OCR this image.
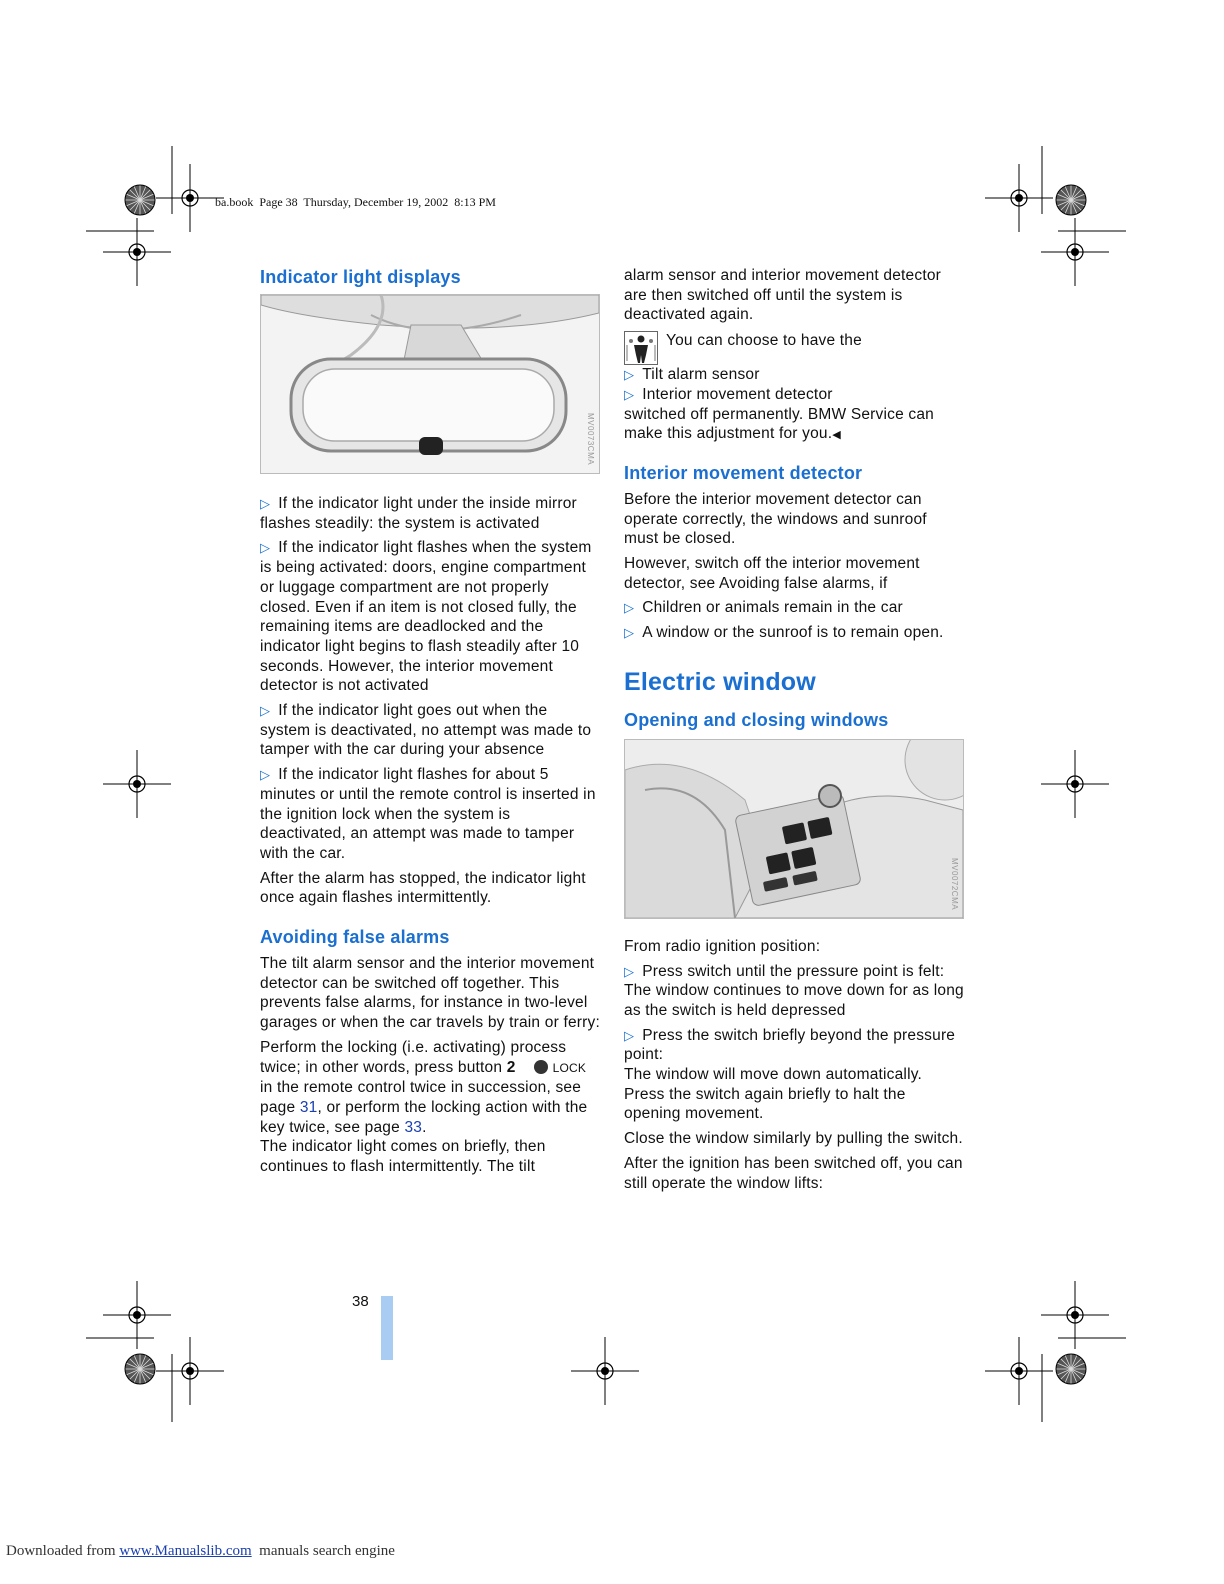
ba.book  Page 38  Thursday, December 19, 2002  8:13 PM
Indicator light displays
MV0073CMA

▷ If the indicator light under the inside mirror flashes steadily: the system is activated

▷ If the indicator light flashes when the system is being activated: doors, engine compartment or luggage compartment are not properly closed. Even if an item is not closed fully, the remaining items are deadlocked and the indicator light begins to flash steadily after 10 seconds. However, the interior movement detector is not activated

▷ If the indicator light goes out when the system is deactivated, no attempt was made to tamper with the car during your absence

▷ If the indicator light flashes for about 5 minutes or until the remote control is inserted in the ignition lock when the system is deactivated, an attempt was made to tamper with the car.

After the alarm has stopped, the indicator light once again flashes intermittently.

Avoiding false alarms

The tilt alarm sensor and the interior movement detector can be switched off together. This prevents false alarms, for instance in two-level garages or when the car travels by train or ferry:

Perform the locking (i.e. activating) process twice; in other words, press button 2	LOCK in the remote control twice in succession, see page 31, or perform the locking action with the key twice, see page 33.

The indicator light comes on briefly, then continues to flash intermittently. The tilt

alarm sensor and interior movement detector are then switched off until the system is deactivated again.

You can choose to have the

▷ Tilt alarm sensor

▷ Interior movement detector

switched off permanently. BMW Service can make this adjustment for you.◀

Interior movement detector

Before the interior movement detector can operate correctly, the windows and sunroof must be closed.

However, switch off the interior movement detector, see Avoiding false alarms, if

▷ Children or animals remain in the car

▷ A window or the sunroof is to remain open.

Electric window
Opening and closing windows
MV0072CMA

From radio ignition position:

▷ Press switch until the pressure point is felt:

The window continues to move down for as long as the switch is held depressed

▷ Press the switch briefly beyond the pressure point:

The window will move down automatically. Press the switch again briefly to halt the opening movement.

Close the window similarly by pulling the switch.

After the ignition has been switched off, you can still operate the window lifts:

38
Downloaded from www.Manualslib.com  manuals search engine
